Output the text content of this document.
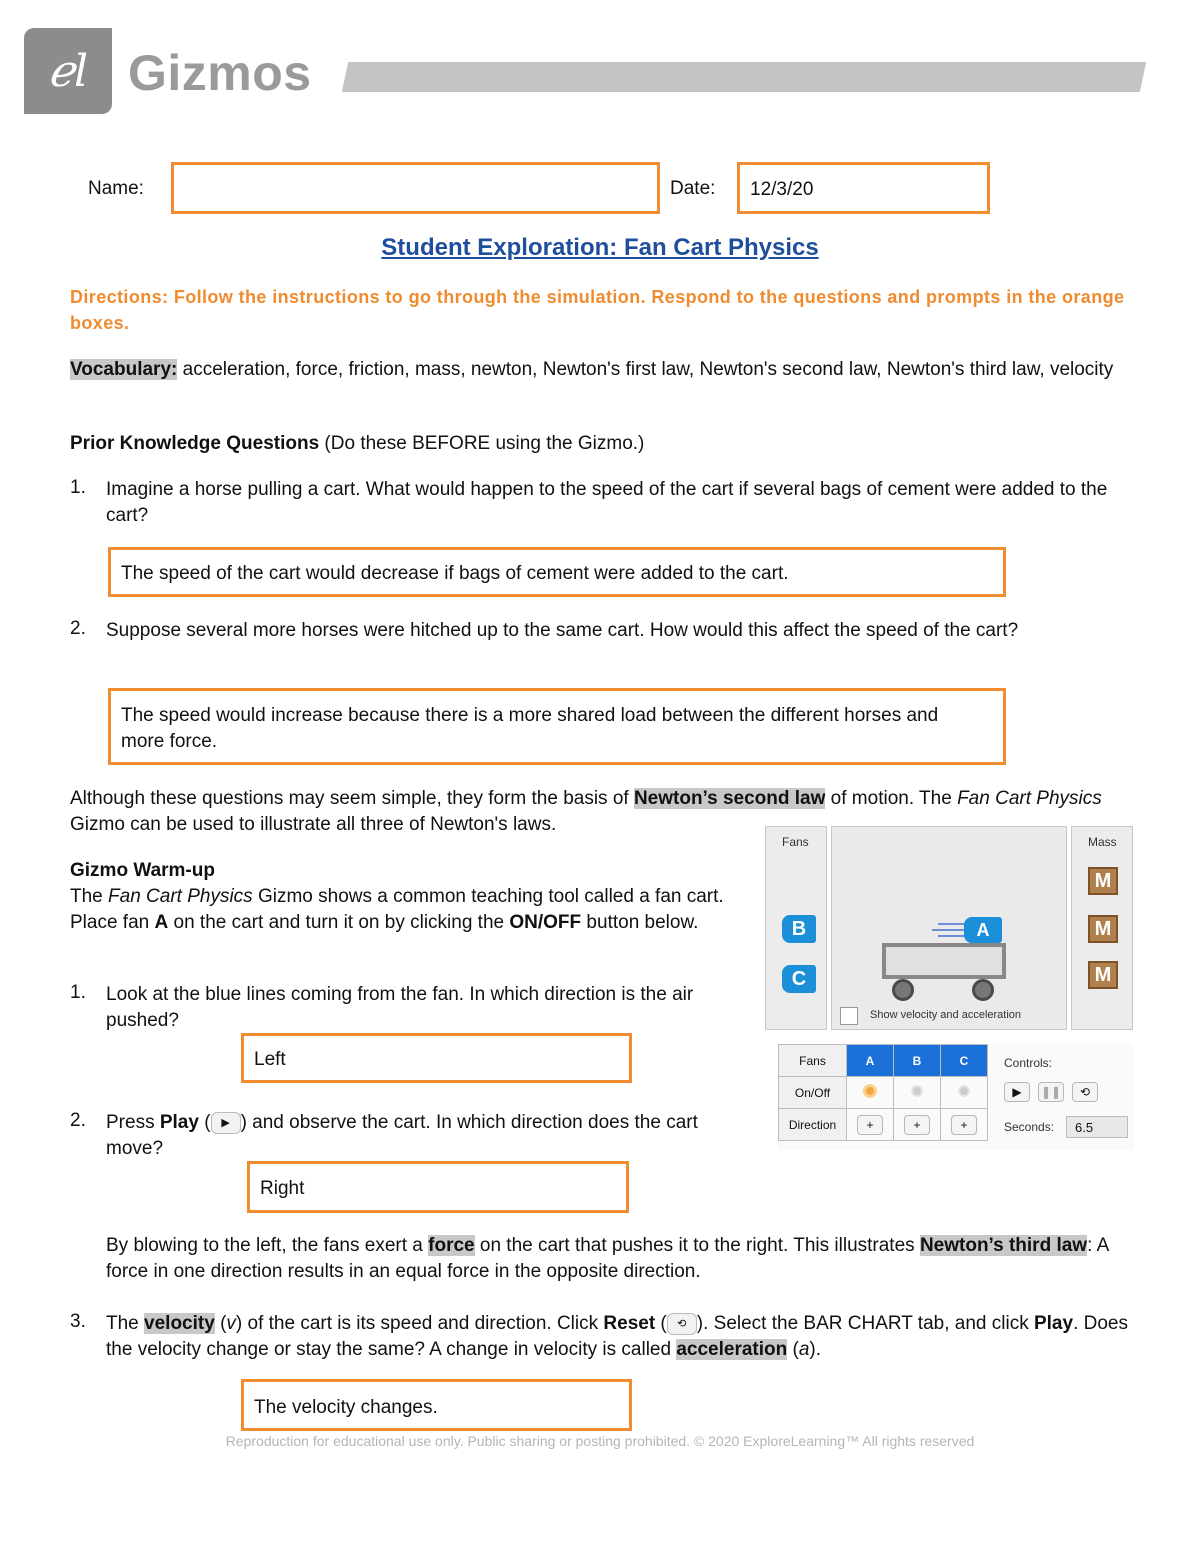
ℯl Gizmos
Name:	Date:	12/3/20
Student Exploration: Fan Cart Physics
Directions: Follow the instructions to go through the simulation. Respond to the questions and prompts in the orange boxes.
Vocabulary: acceleration, force, friction, mass, newton, Newton's first law, Newton's second law, Newton's third law, velocity
Prior Knowledge Questions (Do these BEFORE using the Gizmo.)
1. Imagine a horse pulling a cart. What would happen to the speed of the cart if several bags of cement were added to the cart?
The speed of the cart would decrease if bags of cement were added to the cart.
2. Suppose several more horses were hitched up to the same cart. How would this affect the speed of the cart?
The speed would increase because there is a more shared load between the different horses and more force.
Although these questions may seem simple, they form the basis of Newton’s second law of motion. The Fan Cart Physics Gizmo can be used to illustrate all three of Newton's laws.
Gizmo Warm-up
The Fan Cart Physics Gizmo shows a common teaching tool called a fan cart. Place fan A on the cart and turn it on by clicking the ON/OFF button below.
1. Look at the blue lines coming from the fan. In which direction is the air pushed?
Left
2. Press Play ( ▶ ) and observe the cart. In which direction does the cart move?
Right
By blowing to the left, the fans exert a force on the cart that pushes it to the right. This illustrates Newton’s third law: A force in one direction results in an equal force in the opposite direction.
3. The velocity (v) of the cart is its speed and direction. Click Reset ( ⟲ ). Select the BAR CHART tab, and click Play. Does the velocity change or stay the same? A change in velocity is called acceleration (a).
The velocity changes.
Reproduction for educational use only. Public sharing or posting prohibited. © 2020 ExploreLearning™ All rights reserved
Fans
B
C
A
Show velocity and acceleration
Mass
M
M
M
Fans	A	B	C
On/Off			
Direction	+	+	+
Controls:
▶ ❚❚ ⟲
Seconds:	6.5
